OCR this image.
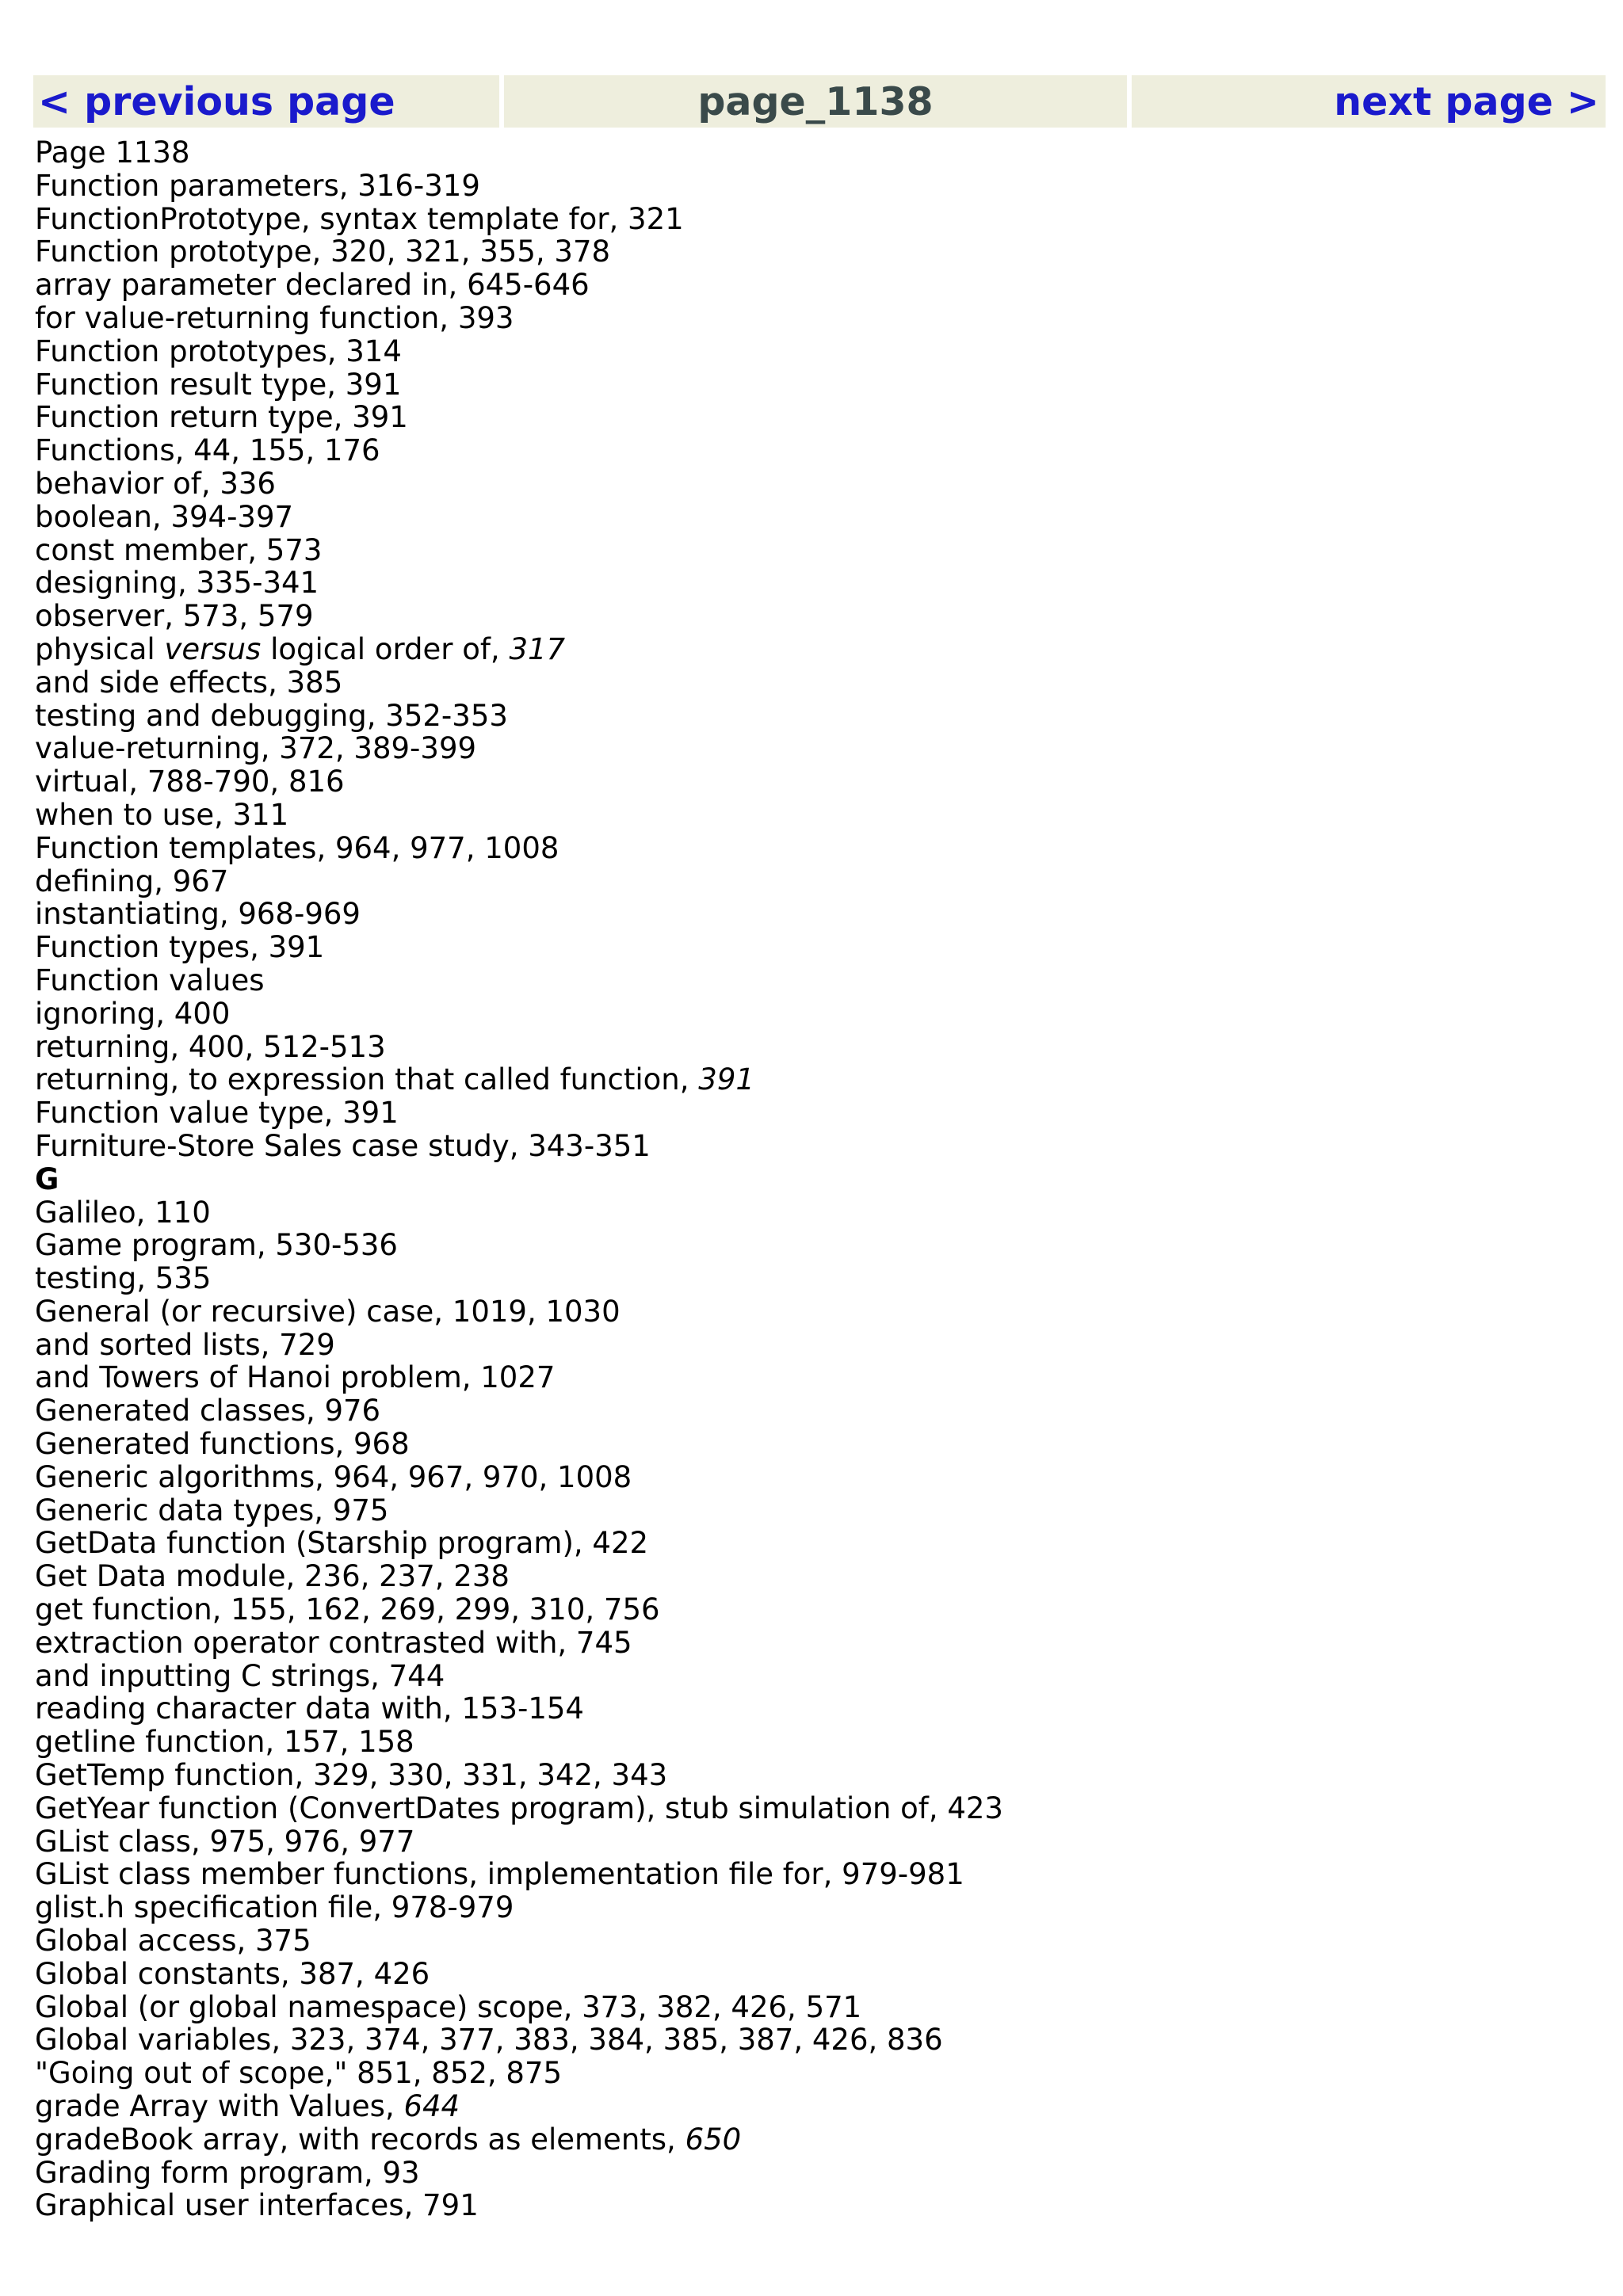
< previous page	page_1138	next page >
Page 1138
Function parameters, 316-319
FunctionPrototype, syntax template for, 321
Function prototype, 320, 321, 355, 378
array parameter declared in, 645-646
for value-returning function, 393
Function prototypes, 314
Function result type, 391
Function return type, 391
Functions, 44, 155, 176
behavior of, 336
boolean, 394-397
const member, 573
designing, 335-341
observer, 573, 579
physical versus logical order of, 317
and side effects, 385
testing and debugging, 352-353
value-returning, 372, 389-399
virtual, 788-790, 816
when to use, 311
Function templates, 964, 977, 1008
defining, 967
instantiating, 968-969
Function types, 391
Function values
ignoring, 400
returning, 400, 512-513
returning, to expression that called function, 391
Function value type, 391
Furniture-Store Sales case study, 343-351
G
Galileo, 110
Game program, 530-536
testing, 535
General (or recursive) case, 1019, 1030
and sorted lists, 729
and Towers of Hanoi problem, 1027
Generated classes, 976
Generated functions, 968
Generic algorithms, 964, 967, 970, 1008
Generic data types, 975
GetData function (Starship program), 422
Get Data module, 236, 237, 238
get function, 155, 162, 269, 299, 310, 756
extraction operator contrasted with, 745
and inputting C strings, 744
reading character data with, 153-154
getline function, 157, 158
GetTemp function, 329, 330, 331, 342, 343
GetYear function (ConvertDates program), stub simulation of, 423
GList class, 975, 976, 977
GList class member functions, implementation file for, 979-981
glist.h specification file, 978-979
Global access, 375
Global constants, 387, 426
Global (or global namespace) scope, 373, 382, 426, 571
Global variables, 323, 374, 377, 383, 384, 385, 387, 426, 836
"Going out of scope," 851, 852, 875
grade Array with Values, 644
gradeBook array, with records as elements, 650
Grading form program, 93
Graphical user interfaces, 791
